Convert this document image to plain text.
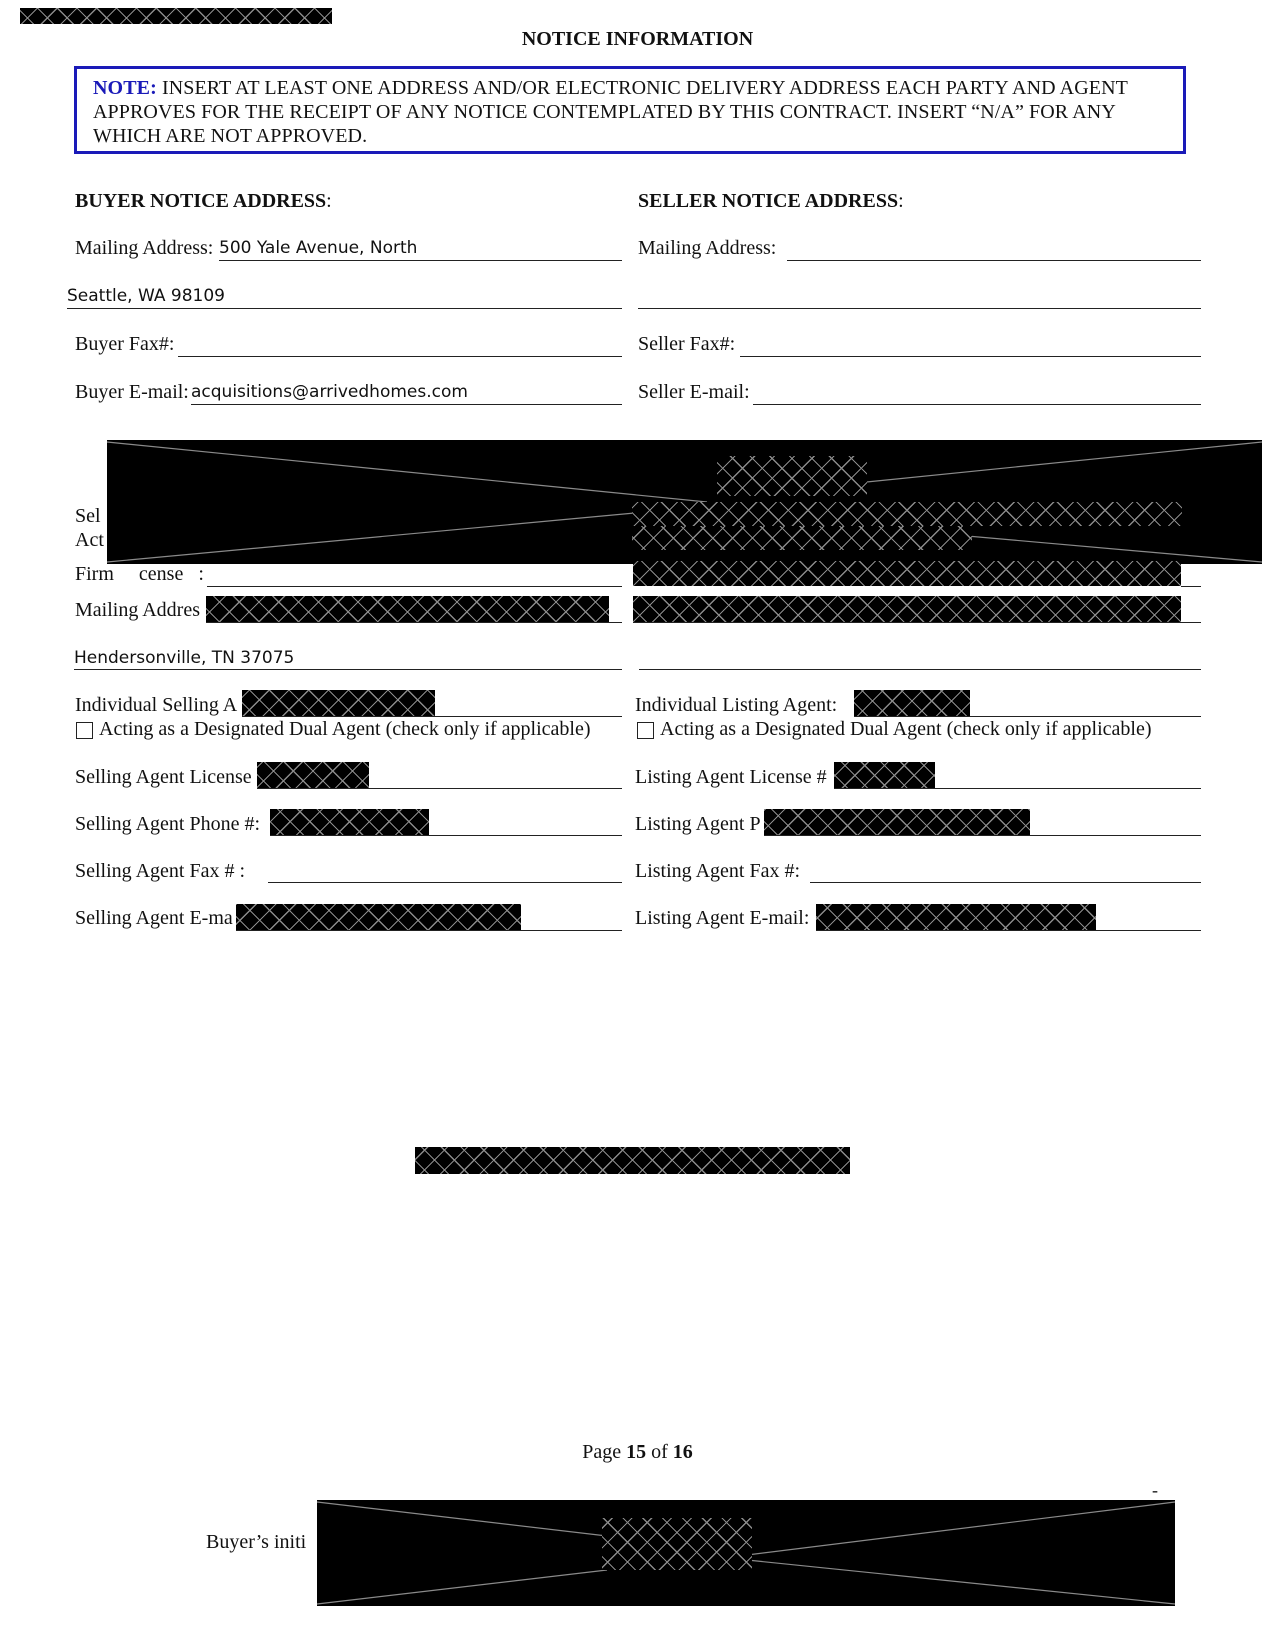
NOTICE INFORMATION
NOTE: INSERT AT LEAST ONE ADDRESS AND/OR ELECTRONIC DELIVERY ADDRESS EACH PARTY AND AGENT APPROVES FOR THE RECEIPT OF ANY NOTICE CONTEMPLATED BY THIS CONTRACT. INSERT “N/A” FOR ANY WHICH ARE NOT APPROVED.
BUYER NOTICE ADDRESS:	SELLER NOTICE ADDRESS:
Mailing Address: 500 Yale Avenue, North
Seattle, WA 98109
Mailing Address:
Buyer Fax#:	Seller Fax#:
Buyer E-mail: acquisitions@arrivedhomes.com	Seller E-mail:
Sel
Act
Firm cense :
Mailing Addres
Hendersonville, TN 37075
Individual Selling A	Individual Listing Agent:
Acting as a Designated Dual Agent (check only if applicable)	Acting as a Designated Dual Agent (check only if applicable)
Selling Agent License	Listing Agent License #
Selling Agent Phone #:	Listing Agent P
Selling Agent Fax # :	Listing Agent Fax #:
Selling Agent E-ma	Listing Agent E-mail:
Page 15 of 16
-
Buyer’s initi
